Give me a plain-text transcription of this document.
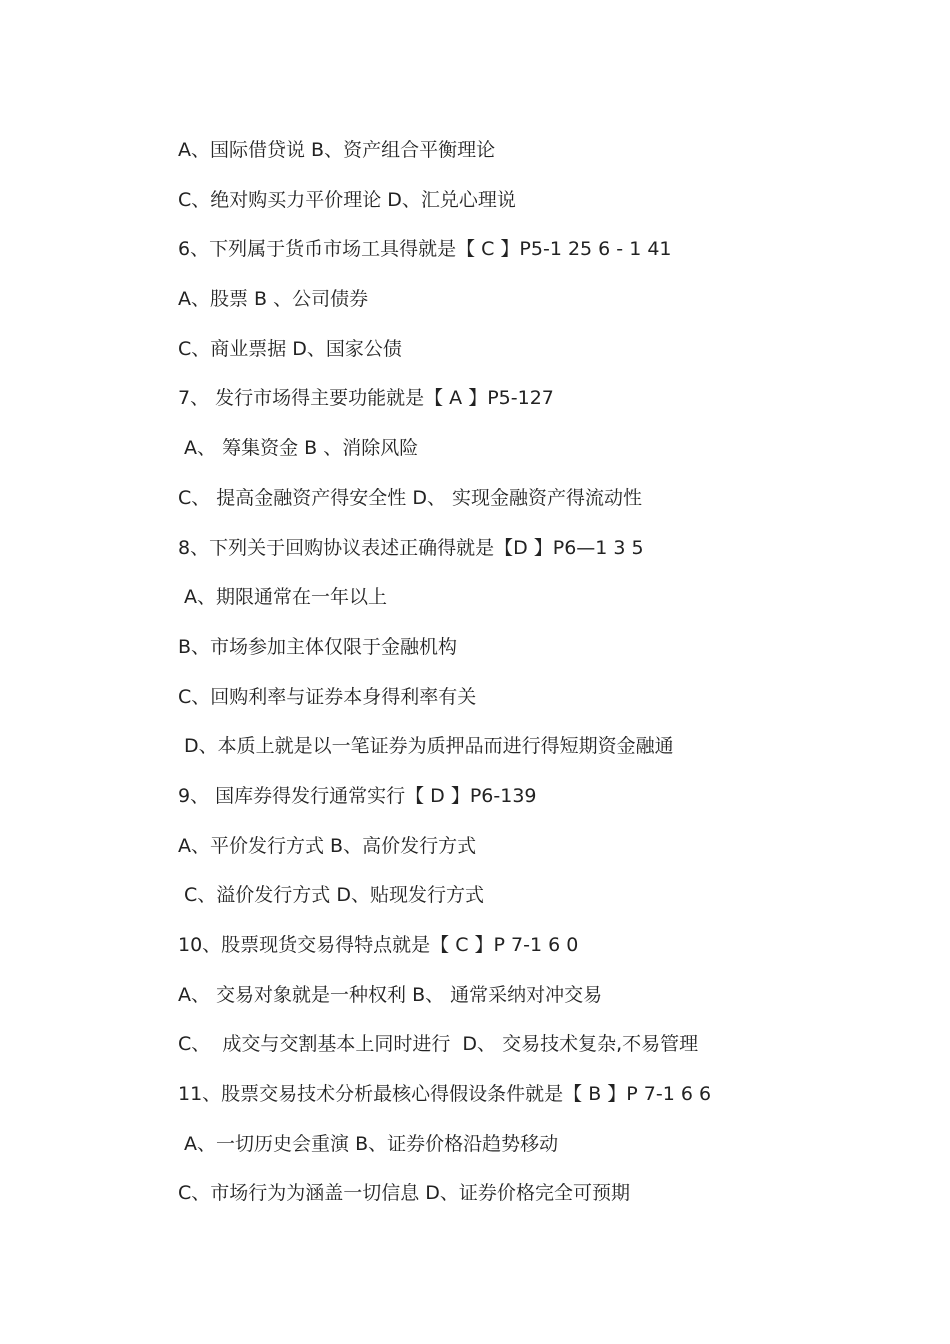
A、国际借贷说 B、资产组合平衡理论
C、绝对购买力平价理论 D、汇兑心理说
6、下列属于货币市场工具得就是【 C 】P5-1 25 6 - 1 41
A、股票 B 、公司债券
C、商业票据 D、国家公债
7、 发行市场得主要功能就是【 A 】P5-127
A、 筹集资金 B 、消除风险
C、 提高金融资产得安全性 D、 实现金融资产得流动性
8、下列关于回购协议表述正确得就是【D 】P6—1 3 5
A、期限通常在一年以上
B、市场参加主体仅限于金融机构
C、回购利率与证券本身得利率有关
D、本质上就是以一笔证券为质押品而进行得短期资金融通
9、 国库券得发行通常实行【 D 】P6-139
A、平价发行方式 B、高价发行方式
C、溢价发行方式 D、贴现发行方式
10、股票现货交易得特点就是【 C 】P 7-1 6 0
A、 交易对象就是一种权利 B、 通常采纳对冲交易
C、  成交与交割基本上同时进行  D、 交易技术复杂,不易管理
11、股票交易技术分析最核心得假设条件就是【 B 】P 7-1 6 6
A、一切历史会重演 B、证券价格沿趋势移动
C、市场行为为涵盖一切信息 D、证券价格完全可预期
